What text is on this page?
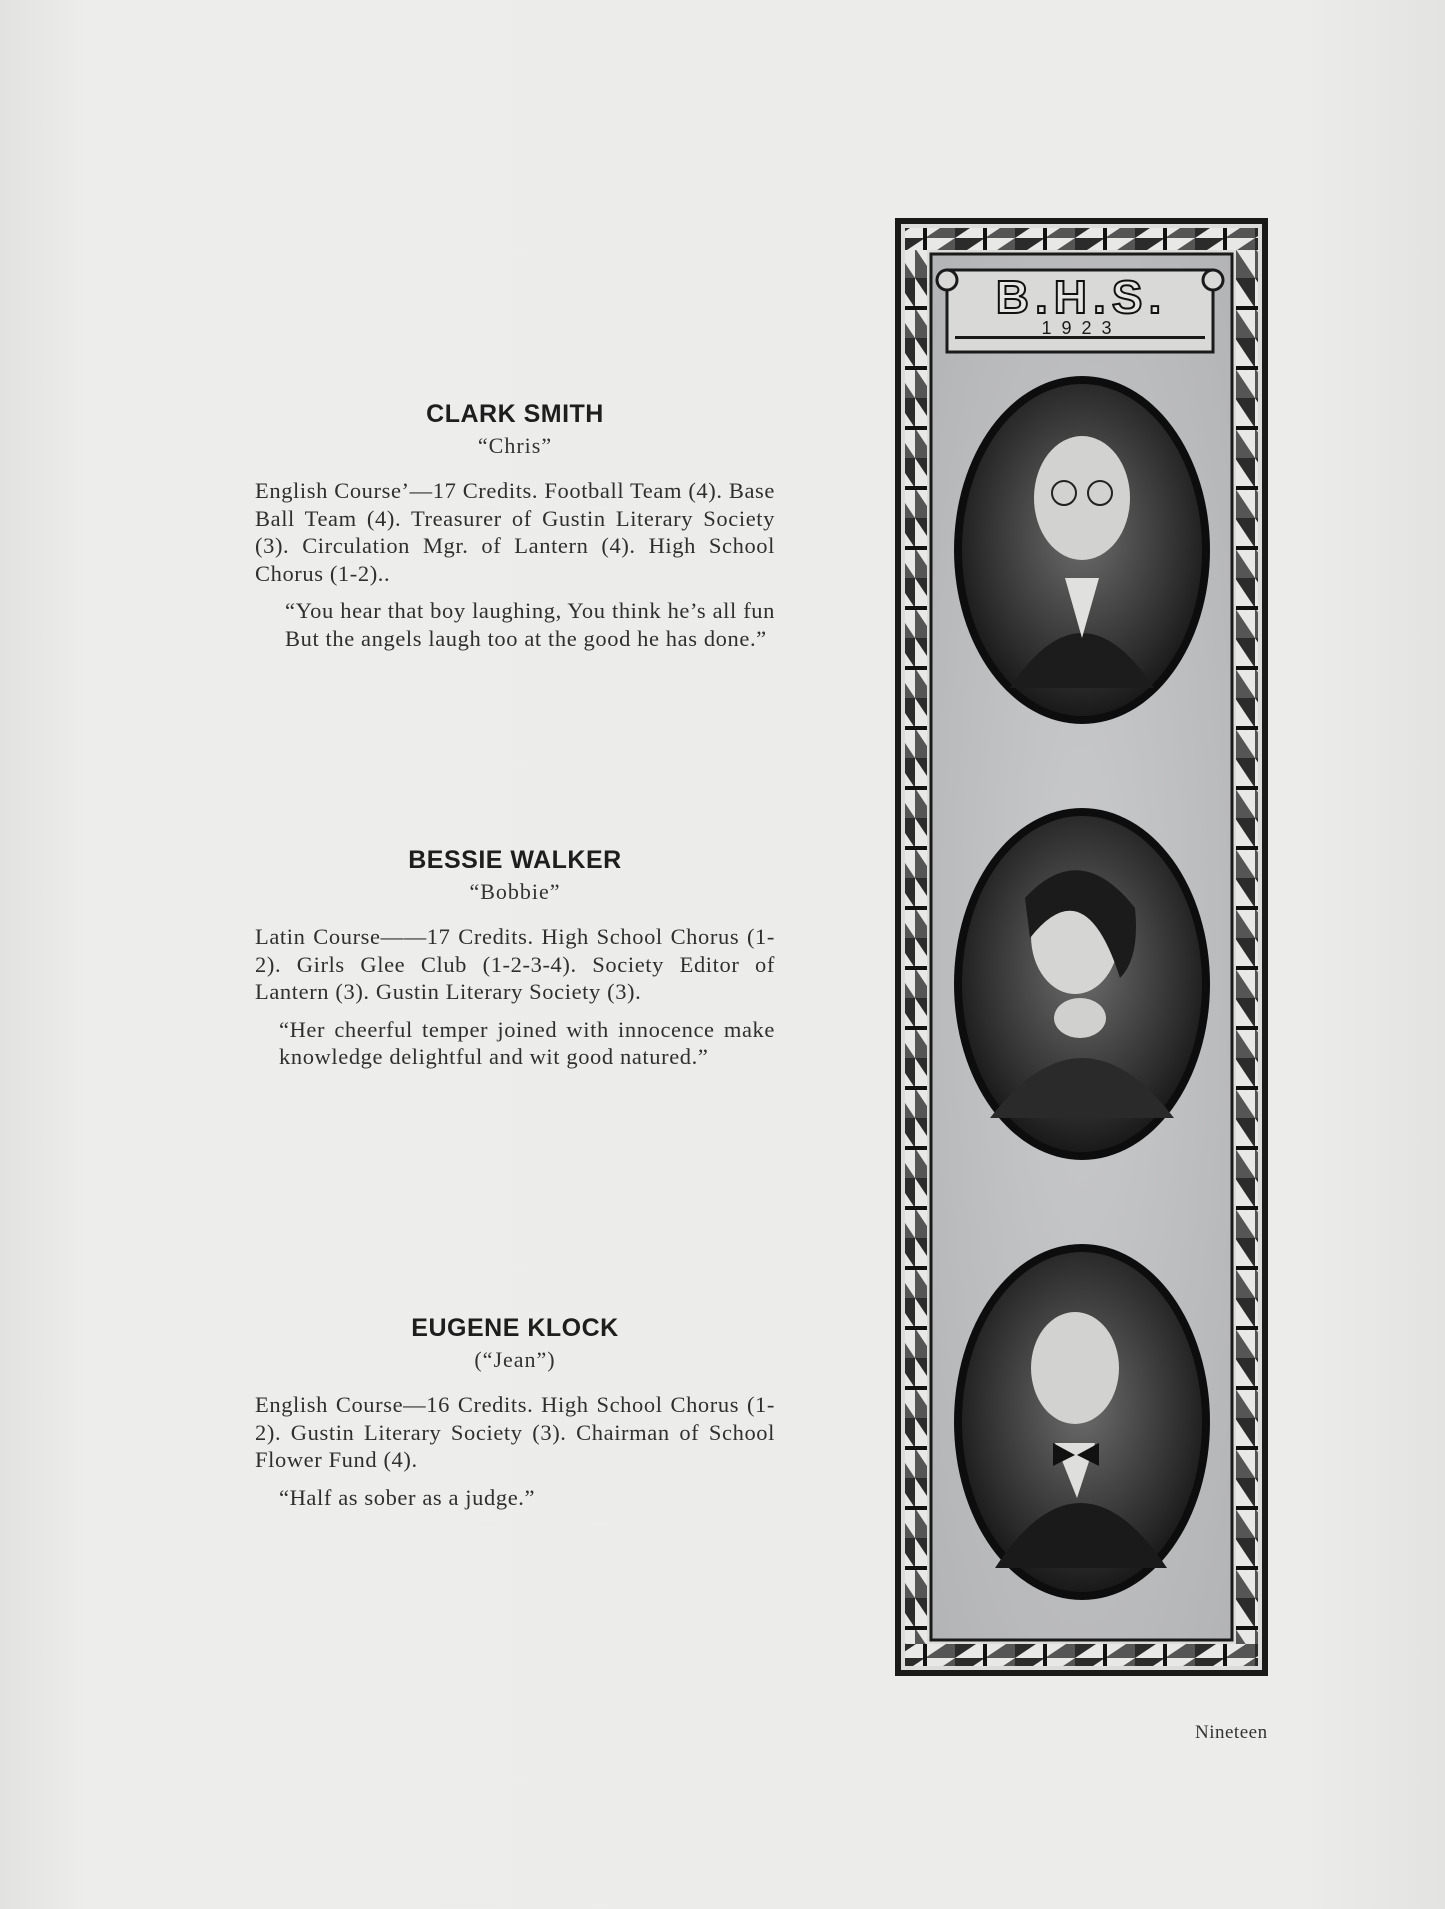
CLARK SMITH
“Chris”
English Course’—17 Credits. Football Team (4). Base Ball Team (4). Treasurer of Gustin Literary Society (3). Circulation Mgr. of Lantern (4). High School Chorus (1-2)..
“You hear that boy laughing, You think he’s all fun But the angels laugh too at the good he has done.”
BESSIE WALKER
“Bobbie”
Latin Course——17 Credits. High School Chorus (1-2). Girls Glee Club (1-2-3-4). Society Editor of Lantern (3). Gustin Literary Society (3).
“Her cheerful temper joined with innocence make knowledge delightful and wit good natured.”
EUGENE KLOCK
(“Jean”)
English Course—16 Credits. High School Chorus (1-2). Gustin Literary Society (3). Chairman of School Flower Fund (4).
“Half as sober as a judge.”
B.H.S.
1923
Nineteen
